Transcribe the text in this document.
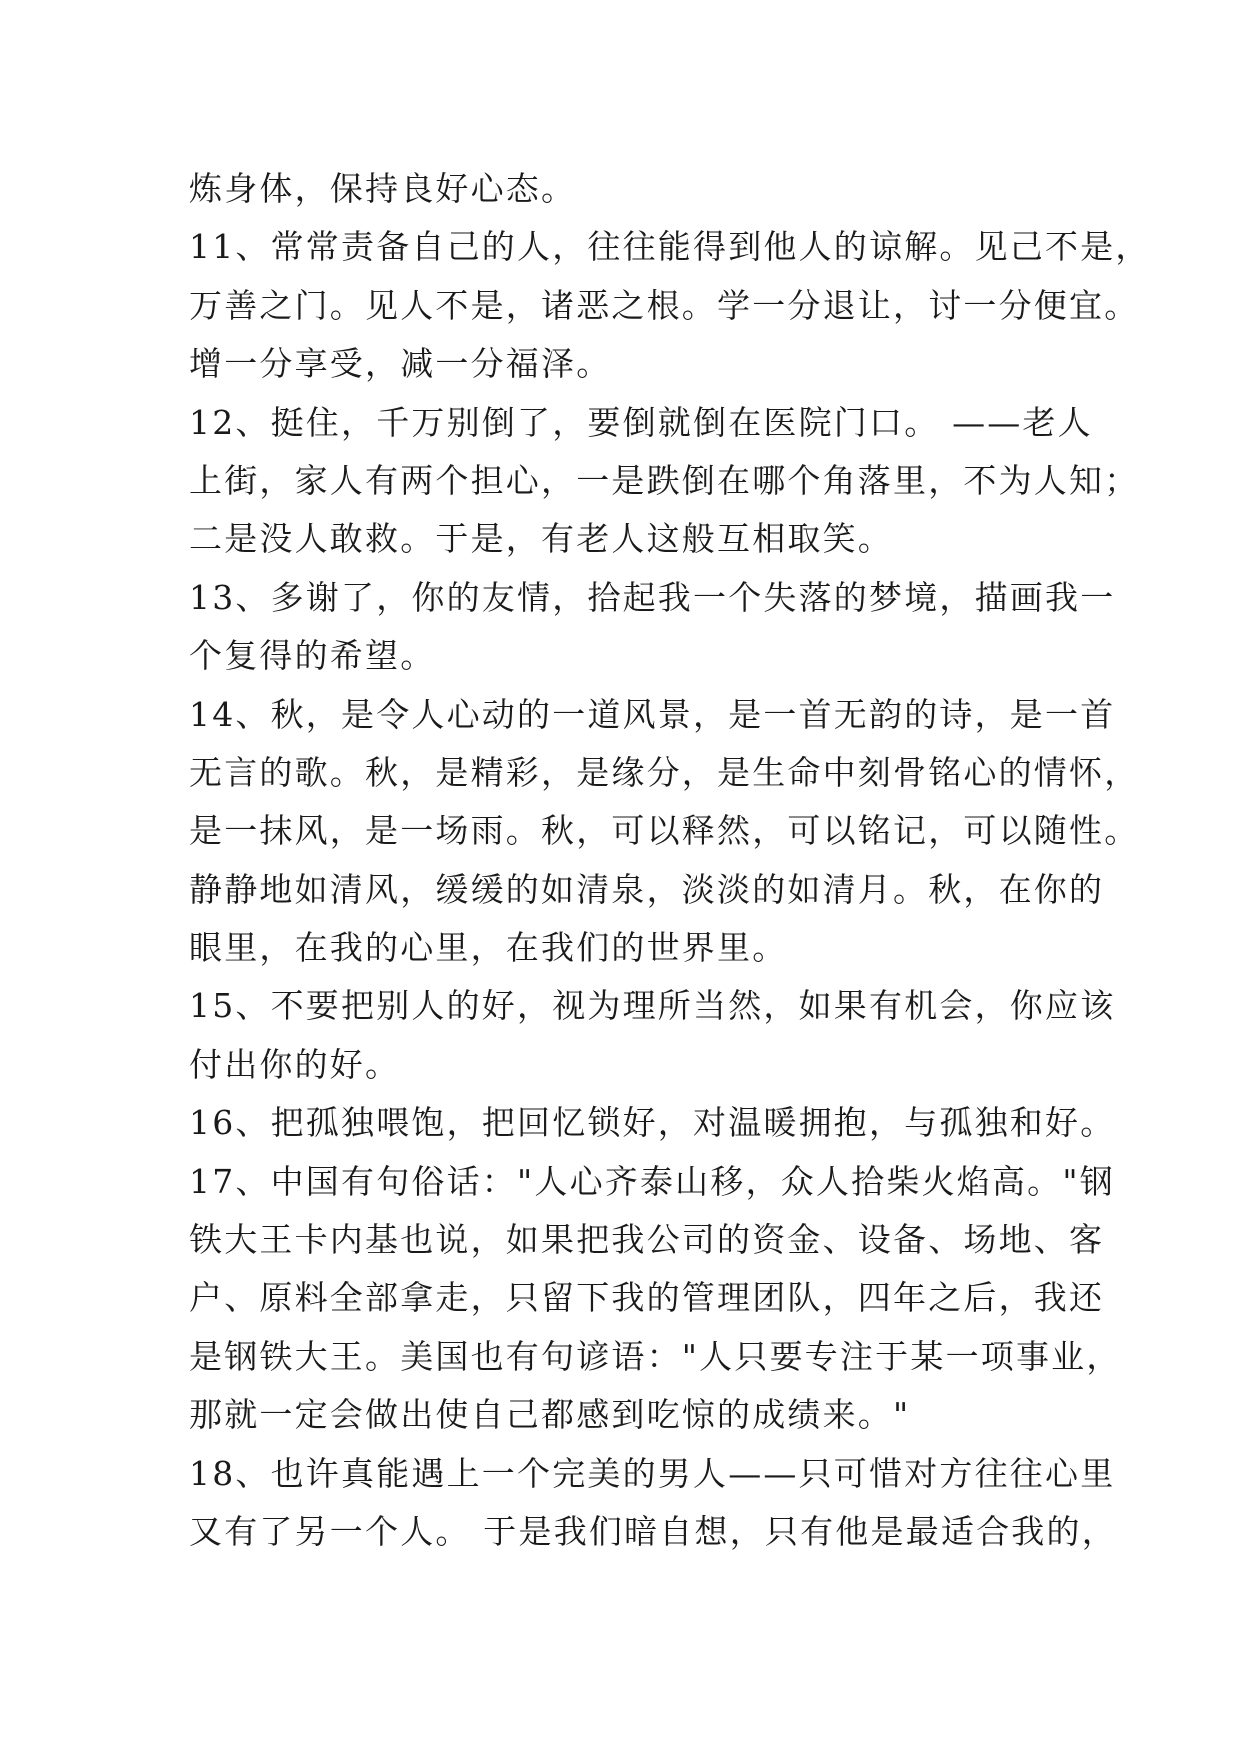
炼身体，保持良好心态。
11、常常责备自己的人，往往能得到他人的谅解。见己不是，
万善之门。见人不是，诸恶之根。学一分退让，讨一分便宜。
增一分享受，减一分福泽。
12、挺住，千万别倒了，要倒就倒在医院门口。 ——老人
上街，家人有两个担心，一是跌倒在哪个角落里，不为人知；
二是没人敢救。于是，有老人这般互相取笑。
13、多谢了，你的友情，拾起我一个失落的梦境，描画我一
个复得的希望。
14、秋，是令人心动的一道风景，是一首无韵的诗，是一首
无言的歌。秋，是精彩，是缘分，是生命中刻骨铭心的情怀，
是一抹风，是一场雨。秋，可以释然，可以铭记，可以随性。
静静地如清风，缓缓的如清泉，淡淡的如清月。秋，在你的
眼里，在我的心里，在我们的世界里。
15、不要把别人的好，视为理所当然，如果有机会，你应该
付出你的好。
16、把孤独喂饱，把回忆锁好，对温暖拥抱，与孤独和好。
17、中国有句俗话："人心齐泰山移，众人拾柴火焰高。"钢
铁大王卡内基也说，如果把我公司的资金、设备、场地、客
户、原料全部拿走，只留下我的管理团队，四年之后，我还
是钢铁大王。美国也有句谚语："人只要专注于某一项事业，
那就一定会做出使自己都感到吃惊的成绩来。"
18、也许真能遇上一个完美的男人——只可惜对方往往心里
又有了另一个人。 于是我们暗自想，只有他是最适合我的，
